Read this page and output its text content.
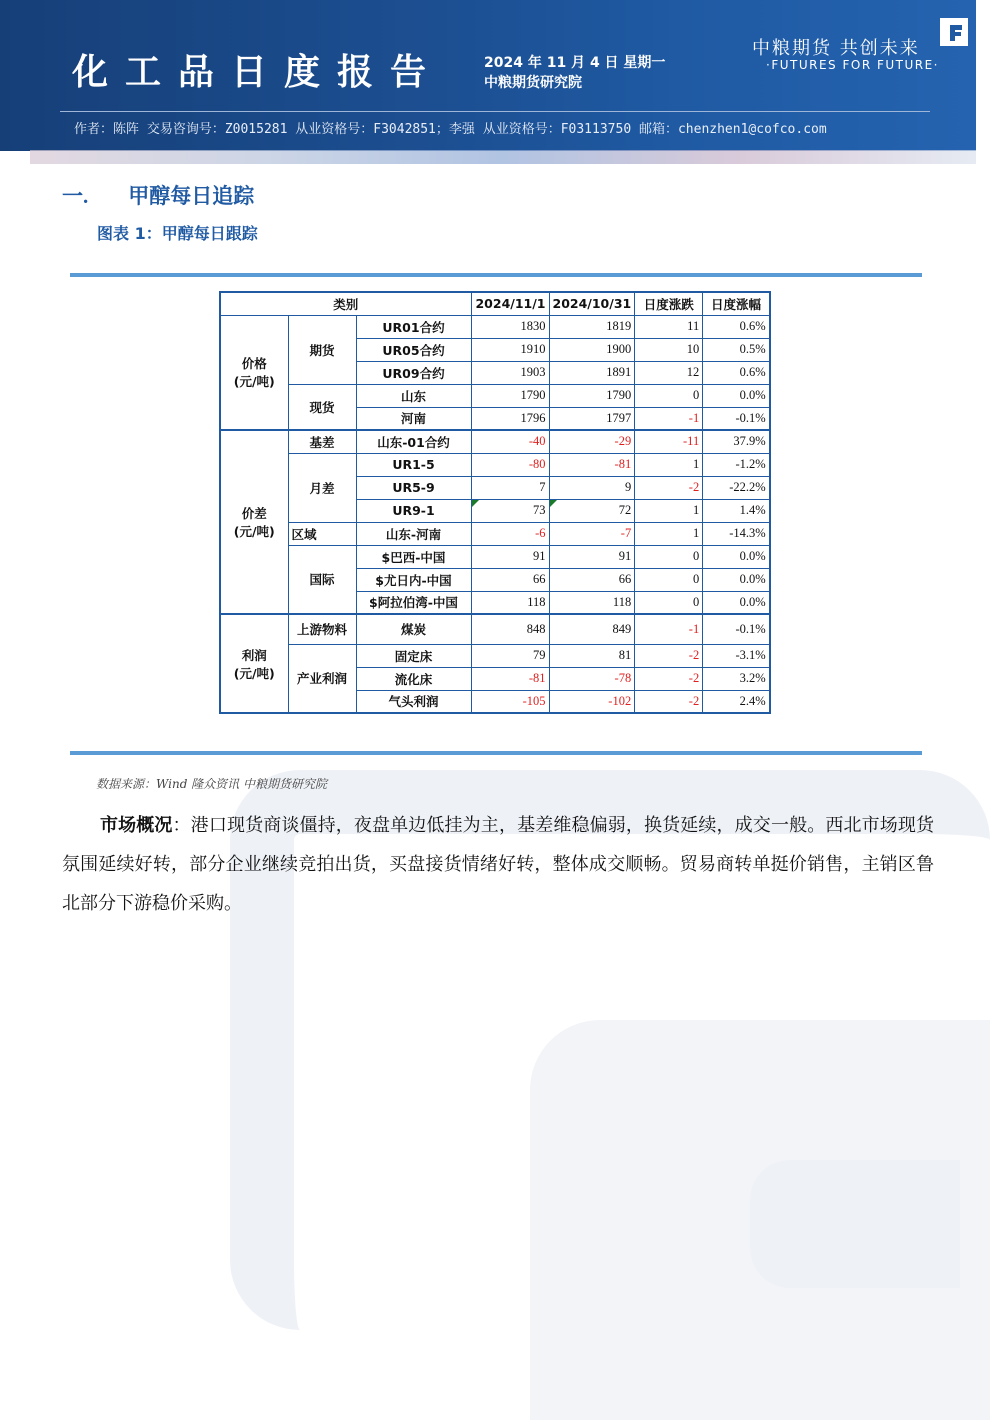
化工品日度报告	2024 年 11 月 4 日 星期一
中粮期货研究院
中粮期货 共创未来
·FUTURES FOR FUTURE·
作者：陈阵 交易咨询号：Z0015281 从业资格号：F3042851；李强 从业资格号：F03113750 邮箱：chenzhen1@cofco.com
一. 甲醇每日追踪
图表 1：甲醇每日跟踪
类别			2024/11/1	2024/10/31	日度涨跌	日度涨幅
价格
(元/吨)	期货	UR01合约	1830	1819	11	0.6%
		UR05合约	1910	1900	10	0.5%
		UR09合约	1903	1891	12	0.6%
	现货	山东	1790	1790	0	0.0%
		河南	1796	1797	-1	-0.1%
价差
(元/吨)	基差	山东-01合约	-40	-29	-11	37.9%
	月差	UR1-5	-80	-81	1	-1.2%
		UR5-9	7	9	-2	-22.2%
		UR9-1	73	72	1	1.4%
	区域	山东-河南	-6	-7	1	-14.3%
	国际	$巴西-中国	91	91	0	0.0%
		$尤日内-中国	66	66	0	0.0%
		$阿拉伯湾-中国	118	118	0	0.0%
利润
(元/吨)	上游物料	煤炭	848	849	-1	-0.1%
	产业利润	固定床	79	81	-2	-3.1%
		流化床	-81	-78	-2	3.2%
		气头利润	-105	-102	-2	2.4%
数据来源：Wind 隆众资讯 中粮期货研究院
市场概况：港口现货商谈僵持，夜盘单边低挂为主，基差维稳偏弱，换货延续，成交一般。西北市场现货氛围延续好转，部分企业继续竞拍出货，买盘接货情绪好转，整体成交顺畅。贸易商转单挺价销售，主销区鲁北部分下游稳价采购。
